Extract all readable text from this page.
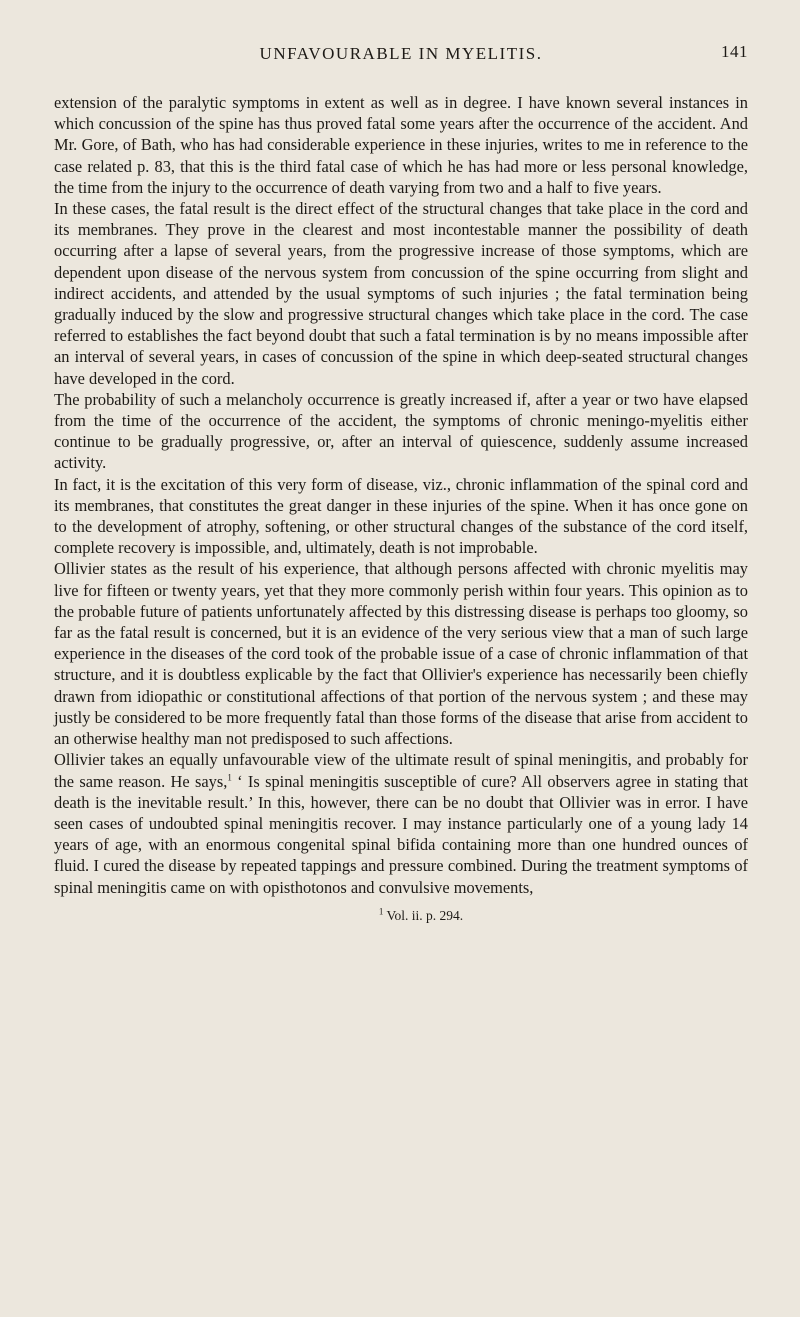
UNFAVOURABLE IN MYELITIS.	141

extension of the paralytic symptoms in extent as well as in degree. I have known several instances in which concussion of the spine has thus proved fatal some years after the occurrence of the accident. And Mr. Gore, of Bath, who has had considerable experience in these injuries, writes to me in reference to the case related p. 83, that this is the third fatal case of which he has had more or less personal knowledge, the time from the injury to the occurrence of death varying from two and a half to five years.

In these cases, the fatal result is the direct effect of the structural changes that take place in the cord and its membranes. They prove in the clearest and most incontestable manner the possibility of death occurring after a lapse of several years, from the progressive increase of those symptoms, which are dependent upon disease of the nervous system from concussion of the spine occurring from slight and indirect accidents, and attended by the usual symptoms of such injuries ; the fatal termination being gradually induced by the slow and progressive structural changes which take place in the cord. The case referred to establishes the fact beyond doubt that such a fatal termination is by no means impossible after an interval of several years, in cases of concussion of the spine in which deep-seated structural changes have developed in the cord.

The probability of such a melancholy occurrence is greatly increased if, after a year or two have elapsed from the time of the occurrence of the accident, the symptoms of chronic meningo-myelitis either continue to be gradually progressive, or, after an interval of quiescence, suddenly assume increased activity.

In fact, it is the excitation of this very form of disease, viz., chronic inflammation of the spinal cord and its membranes, that constitutes the great danger in these injuries of the spine. When it has once gone on to the development of atrophy, softening, or other structural changes of the substance of the cord itself, complete recovery is impossible, and, ultimately, death is not improbable.

Ollivier states as the result of his experience, that although persons affected with chronic myelitis may live for fifteen or twenty years, yet that they more commonly perish within four years. This opinion as to the probable future of patients unfortunately affected by this distressing disease is perhaps too gloomy, so far as the fatal result is concerned, but it is an evidence of the very serious view that a man of such large experience in the diseases of the cord took of the probable issue of a case of chronic inflammation of that structure, and it is doubtless explicable by the fact that Ollivier's experience has necessarily been chiefly drawn from idiopathic or constitutional affections of that portion of the nervous system ; and these may justly be considered to be more frequently fatal than those forms of the disease that arise from accident to an otherwise healthy man not predisposed to such affections.

Ollivier takes an equally unfavourable view of the ultimate result of spinal meningitis, and probably for the same reason. He says,$^1$ ‘ Is spinal meningitis susceptible of cure? All observers agree in stating that death is the inevitable result.’ In this, however, there can be no doubt that Ollivier was in error. I have seen cases of undoubted spinal meningitis recover. I may instance particularly one of a young lady 14 years of age, with an enormous congenital spinal bifida containing more than one hundred ounces of fluid. I cured the disease by repeated tappings and pressure combined. During the treatment symptoms of spinal meningitis came on with opisthotonos and convulsive movements,

$^1$ Vol. ii. p. 294.
